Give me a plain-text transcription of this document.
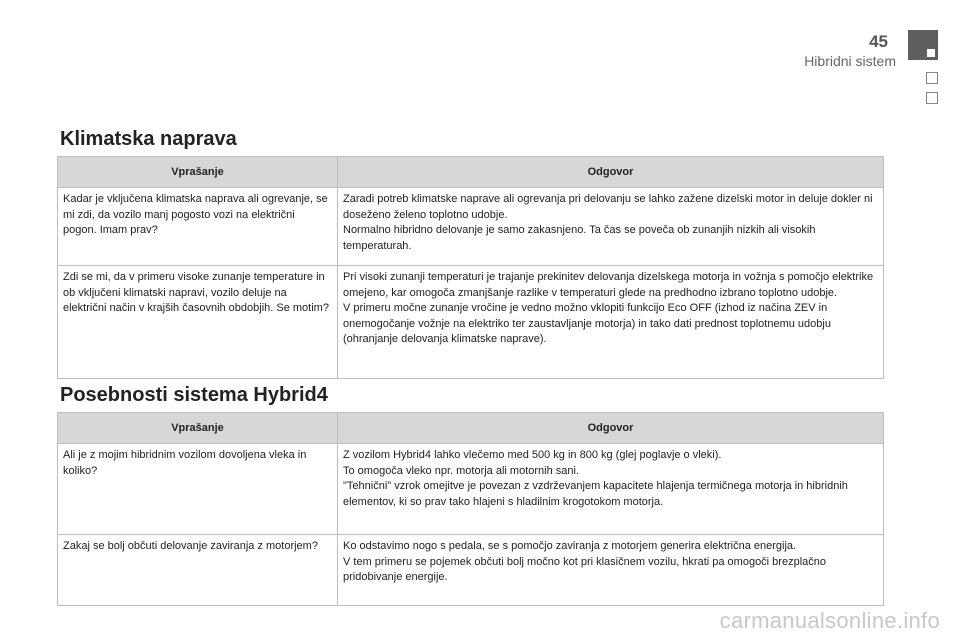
45
Hibridni sistem
Klimatska naprava
Vprašanje	Odgovor

Kadar je vključena klimatska naprava ali ogrevanje, se mi zdi, da vozilo manj pogosto vozi na električni pogon. Imam prav?	Zaradi potreb klimatske naprave ali ogrevanja pri delovanju se lahko zažene dizelski motor in deluje dokler ni doseženo želeno toplotno udobje.

Normalno hibridno delovanje je samo zakasnjeno. Ta čas se poveča ob zunanjih nizkih ali visokih temperaturah.

Zdi se mi, da v primeru visoke zunanje temperature in ob vključeni klimatski napravi, vozilo deluje na električni način v krajših časovnih obdobjih. Se motim?	Pri visoki zunanji temperaturi je trajanje prekinitev delovanja dizelskega motorja in vožnja s pomočjo elektrike omejeno, kar omogoča zmanjšanje razlike v temperaturi glede na predhodno izbrano toplotno udobje.

V primeru močne zunanje vročine je vedno možno vklopiti funkcijo Eco OFF (izhod iz načina ZEV in onemogočanje vožnje na elektriko ter zaustavljanje motorja) in tako dati prednost toplotnemu udobju (ohranjanje delovanja klimatske naprave).

Posebnosti sistema Hybrid4
Vprašanje	Odgovor

Ali je z mojim hibridnim vozilom dovoljena vleka in koliko?	Z vozilom Hybrid4 lahko vlečemo med 500 kg in 800 kg (glej poglavje o vleki).

To omogoča vleko npr. motorja ali motornih sani.

"Tehnični" vzrok omejitve je povezan z vzdrževanjem kapacitete hlajenja termičnega motorja in hibridnih elementov, ki so prav tako hlajeni s hladilnim krogotokom motorja.

Zakaj se bolj občuti delovanje zaviranja z motorjem?	Ko odstavimo nogo s pedala, se s pomočjo zaviranja z motorjem generira električna energija.

V tem primeru se pojemek občuti bolj močno kot pri klasičnem vozilu, hkrati pa omogoči brezplačno pridobivanje energije.

carmanualsonline.info
